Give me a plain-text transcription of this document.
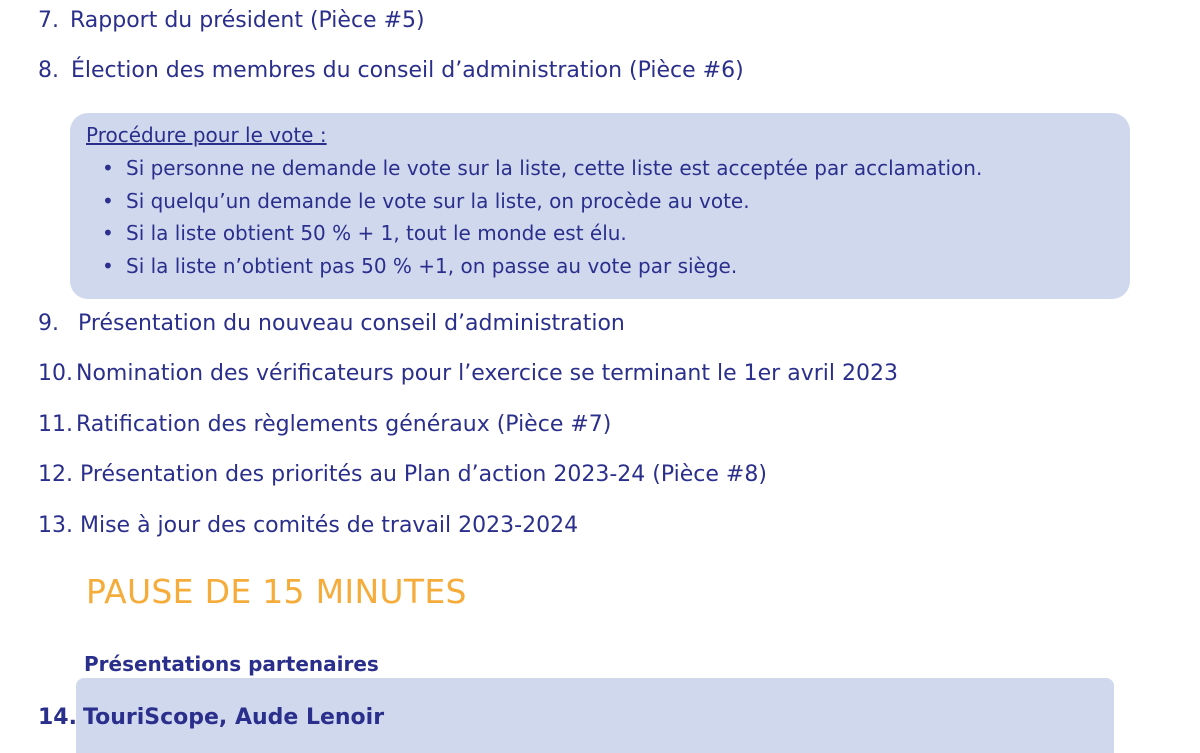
7. Rapport du président (Pièce #5)
8. Élection des membres du conseil d’administration (Pièce #6)
Procédure pour le vote :
• Si personne ne demande le vote sur la liste, cette liste est acceptée par acclamation.
• Si quelqu’un demande le vote sur la liste, on procède au vote.
• Si la liste obtient 50 % + 1, tout le monde est élu.
• Si la liste n’obtient pas 50 % +1, on passe au vote par siège.
9. Présentation du nouveau conseil d’administration
10. Nomination des vérificateurs pour l’exercice se terminant le 1er avril 2023
11. Ratification des règlements généraux (Pièce #7)
12. Présentation des priorités au Plan d’action 2023-24 (Pièce #8)
13. Mise à jour des comités de travail 2023-2024
PAUSE DE 15 MINUTES
Présentations partenaires
14. TouriScope, Aude Lenoir
